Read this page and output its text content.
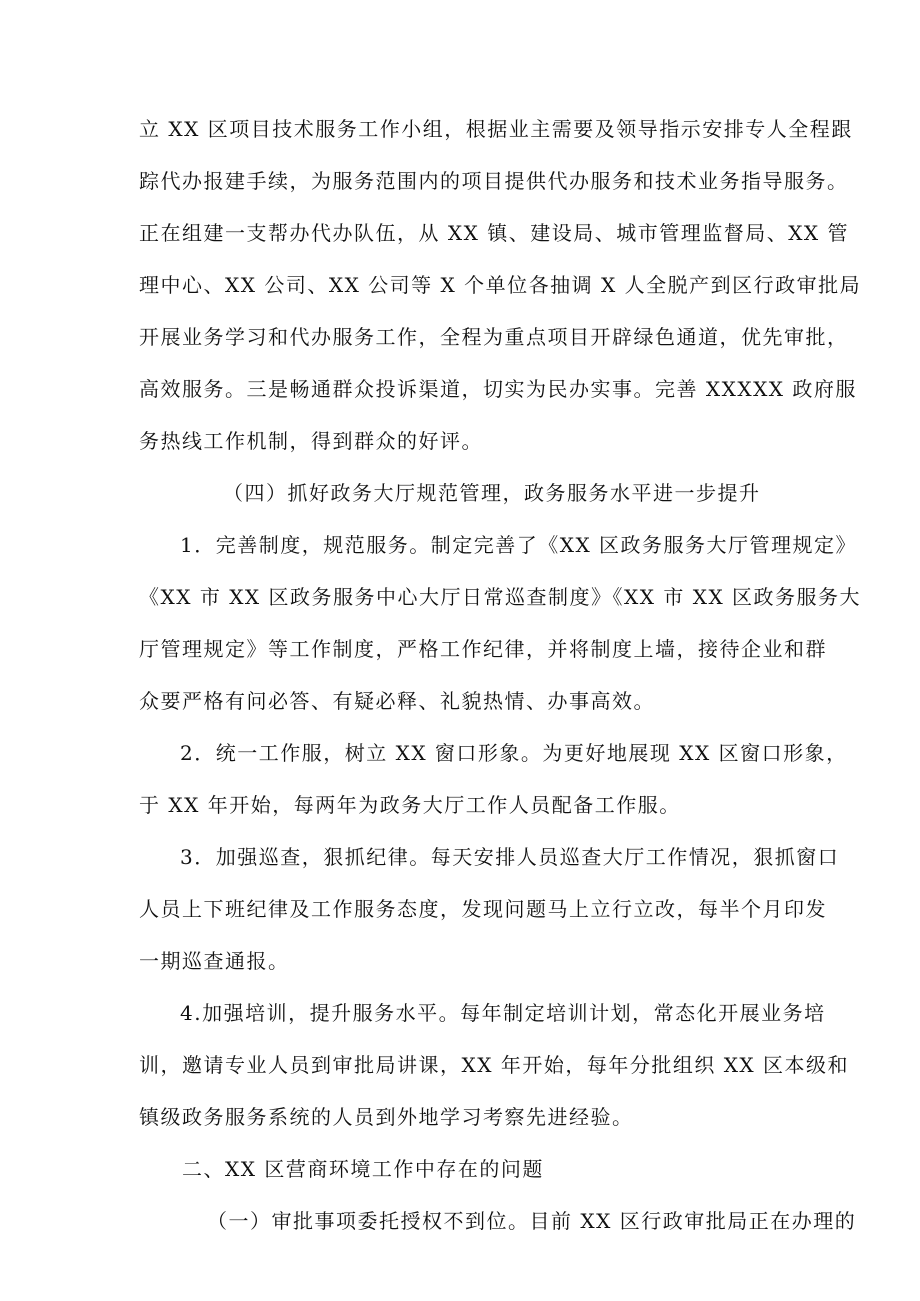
立 XX 区项目技术服务工作小组，根据业主需要及领导指示安排专人全程跟
踪代办报建手续，为服务范围内的项目提供代办服务和技术业务指导服务。
正在组建一支帮办代办队伍，从 XX 镇、建设局、城市管理监督局、XX 管
理中心、XX 公司、XX 公司等 X 个单位各抽调 X 人全脱产到区行政审批局
开展业务学习和代办服务工作，全程为重点项目开辟绿色通道，优先审批，
高效服务。三是畅通群众投诉渠道，切实为民办实事。完善 XXXXX 政府服
务热线工作机制，得到群众的好评。
（四）抓好政务大厅规范管理，政务服务水平进一步提升
1．完善制度，规范服务。制定完善了《XX 区政务服务大厅管理规定》
《XX 市 XX 区政务服务中心大厅日常巡查制度》《XX 市 XX 区政务服务大
厅管理规定》等工作制度，严格工作纪律，并将制度上墙，接待企业和群
众要严格有问必答、有疑必释、礼貌热情、办事高效。
2．统一工作服，树立 XX 窗口形象。为更好地展现 XX 区窗口形象，
于 XX 年开始，每两年为政务大厅工作人员配备工作服。
3．加强巡查，狠抓纪律。每天安排人员巡查大厅工作情况，狠抓窗口
人员上下班纪律及工作服务态度，发现问题马上立行立改，每半个月印发
一期巡查通报。
4.加强培训，提升服务水平。每年制定培训计划，常态化开展业务培
训，邀请专业人员到审批局讲课，XX 年开始，每年分批组织 XX 区本级和
镇级政务服务系统的人员到外地学习考察先进经验。
二、XX 区营商环境工作中存在的问题
（一）审批事项委托授权不到位。目前 XX 区行政审批局正在办理的
